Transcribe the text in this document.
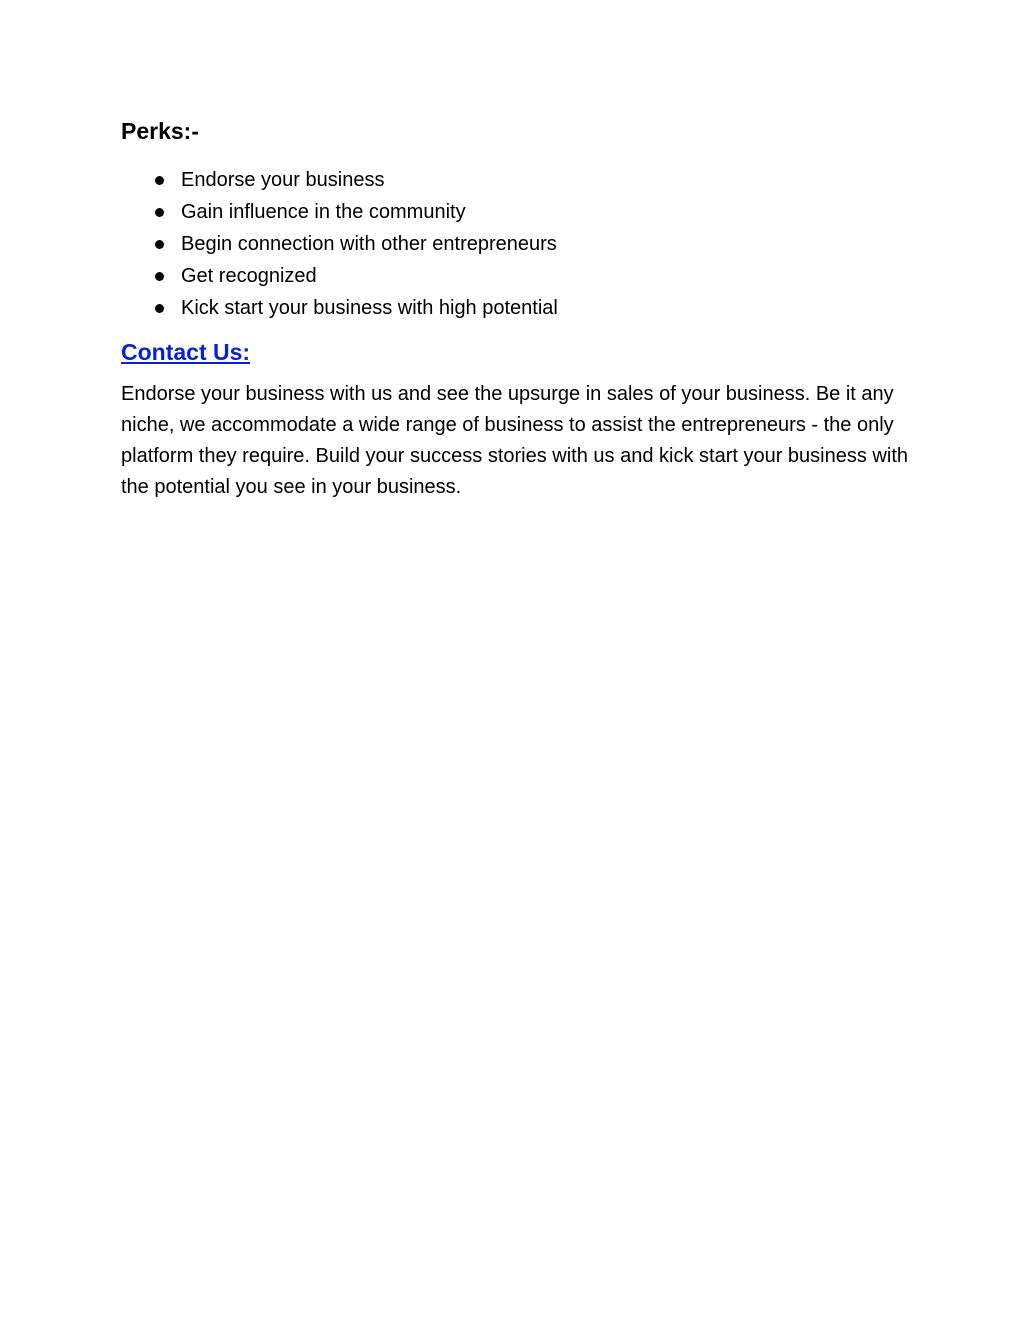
Perks:-
Endorse your business
Gain influence in the community
Begin connection with other entrepreneurs
Get recognized
Kick start your business with high potential
Contact Us:

Endorse your business with us and see the upsurge in sales of your business. Be it any niche, we accommodate a wide range of business to assist the entrepreneurs - the only platform they require. Build your success stories with us and kick start your business with the potential you see in your business.
